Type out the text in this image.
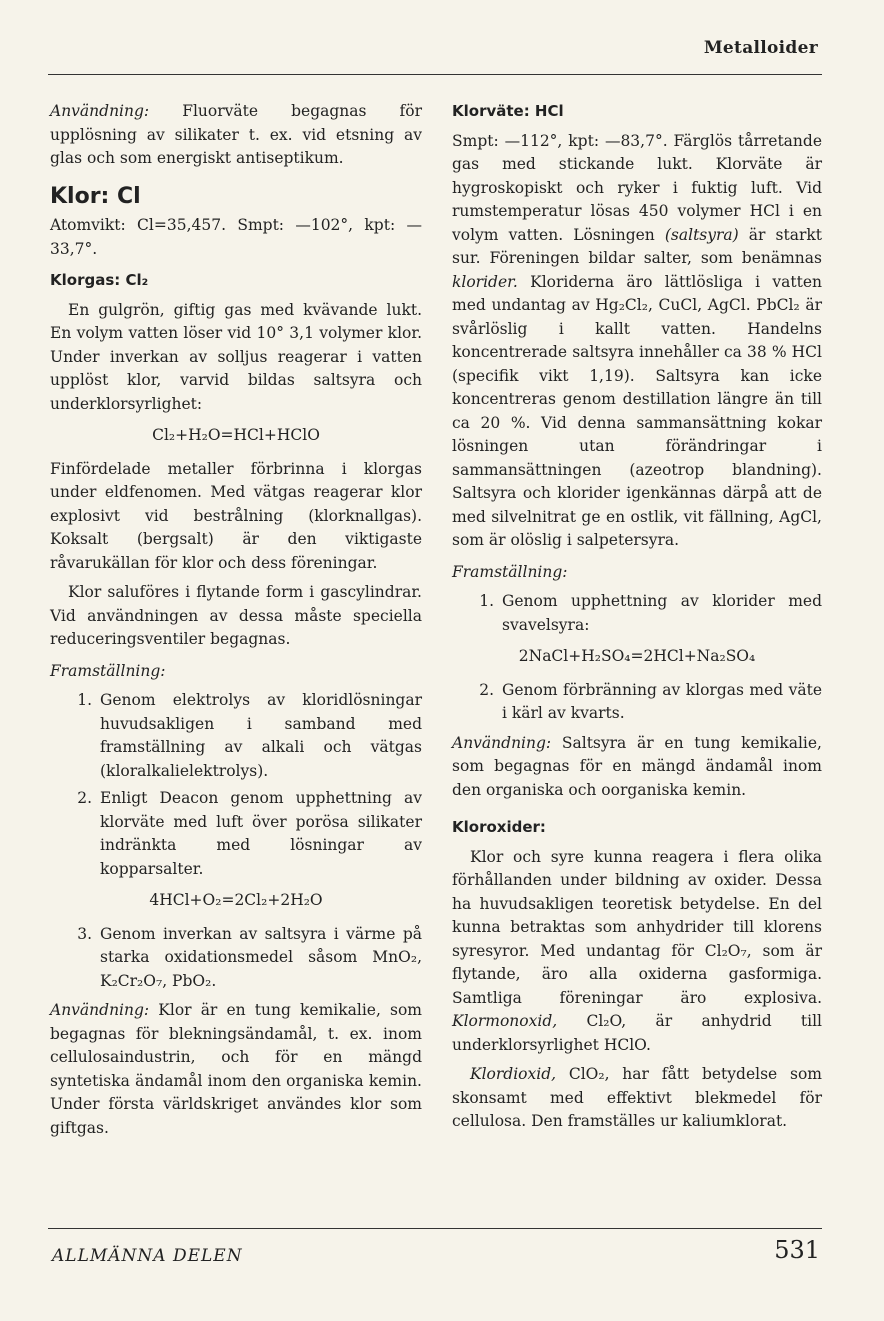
Metalloider

Användning: Fluorväte begagnas för upplösning av silikater t. ex. vid etsning av glas och som energiskt antiseptikum.

Klor: Cl

Atomvikt: Cl=35,457. Smpt: —102°, kpt: —33,7°.

Klorgas: Cl₂

En gulgrön, giftig gas med kvävande lukt. En volym vatten löser vid 10° 3,1 volymer klor. Under inverkan av solljus reagerar i vatten upplöst klor, varvid bildas saltsyra och underklorsyrlighet:

Cl₂+H₂O=HCl+HClO

Finfördelade metaller förbrinna i klorgas under eldfenomen. Med vätgas reagerar klor explosivt vid bestrålning (klorknallgas). Koksalt (bergsalt) är den viktigaste råvarukällan för klor och dess föreningar.

Klor saluföres i flytande form i gascylindrar. Vid användningen av dessa måste speciella reduceringsventiler begagnas.

Framställning:
1. Genom elektrolys av kloridlösningar huvudsakligen i samband med framställning av alkali och vätgas (kloralkalielektrolys).
2. Enligt Deacon genom upphettning av klorväte med luft över porösa silikater indränkta med lösningar av kopparsalter.
4HCl+O₂=2Cl₂+2H₂O
3. Genom inverkan av saltsyra i värme på starka oxidationsmedel såsom MnO₂, K₂Cr₂O₇, PbO₂.

Användning: Klor är en tung kemikalie, som begagnas för blekningsändamål, t. ex. inom cellulosaindustrin, och för en mängd syntetiska ändamål inom den organiska kemin. Under första världskriget användes klor som giftgas.

Klorväte: HCl

Smpt: —112°, kpt: —83,7°. Färglös tårretande gas med stickande lukt. Klorväte är hygroskopiskt och ryker i fuktig luft. Vid rumstemperatur lösas 450 volymer HCl i en volym vatten. Lösningen (saltsyra) är starkt sur. Föreningen bildar salter, som benämnas klorider. Kloriderna äro lättlösliga i vatten med undantag av Hg₂Cl₂, CuCl, AgCl. PbCl₂ är svårlöslig i kallt vatten. Handelns koncentrerade saltsyra innehåller ca 38 % HCl (specifik vikt 1,19). Saltsyra kan icke koncentreras genom destillation längre än till ca 20 %. Vid denna sammansättning kokar lösningen utan förändringar i sammansättningen (azeotrop blandning). Saltsyra och klorider igenkännas därpå att de med silvelnitrat ge en ostlik, vit fällning, AgCl, som är olöslig i salpetersyra.

Framställning:
1. Genom upphettning av klorider med svavelsyra:
2NaCl+H₂SO₄=2HCl+Na₂SO₄
2. Genom förbränning av klorgas med väte i kärl av kvarts.

Användning: Saltsyra är en tung kemikalie, som begagnas för en mängd ändamål inom den organiska och oorganiska kemin.

Kloroxider:

Klor och syre kunna reagera i flera olika förhållanden under bildning av oxider. Dessa ha huvudsakligen teoretisk betydelse. En del kunna betraktas som anhydrider till klorens syresyror. Med undantag för Cl₂O₇, som är flytande, äro alla oxiderna gasformiga. Samtliga föreningar äro explosiva. Klormonoxid, Cl₂O, är anhydrid till underklorsyrlighet HClO.

Klordioxid, ClO₂, har fått betydelse som skonsamt med effektivt blekmedel för cellulosa. Den framställes ur kaliumklorat.

ALLMÄNNA DELEN	531
